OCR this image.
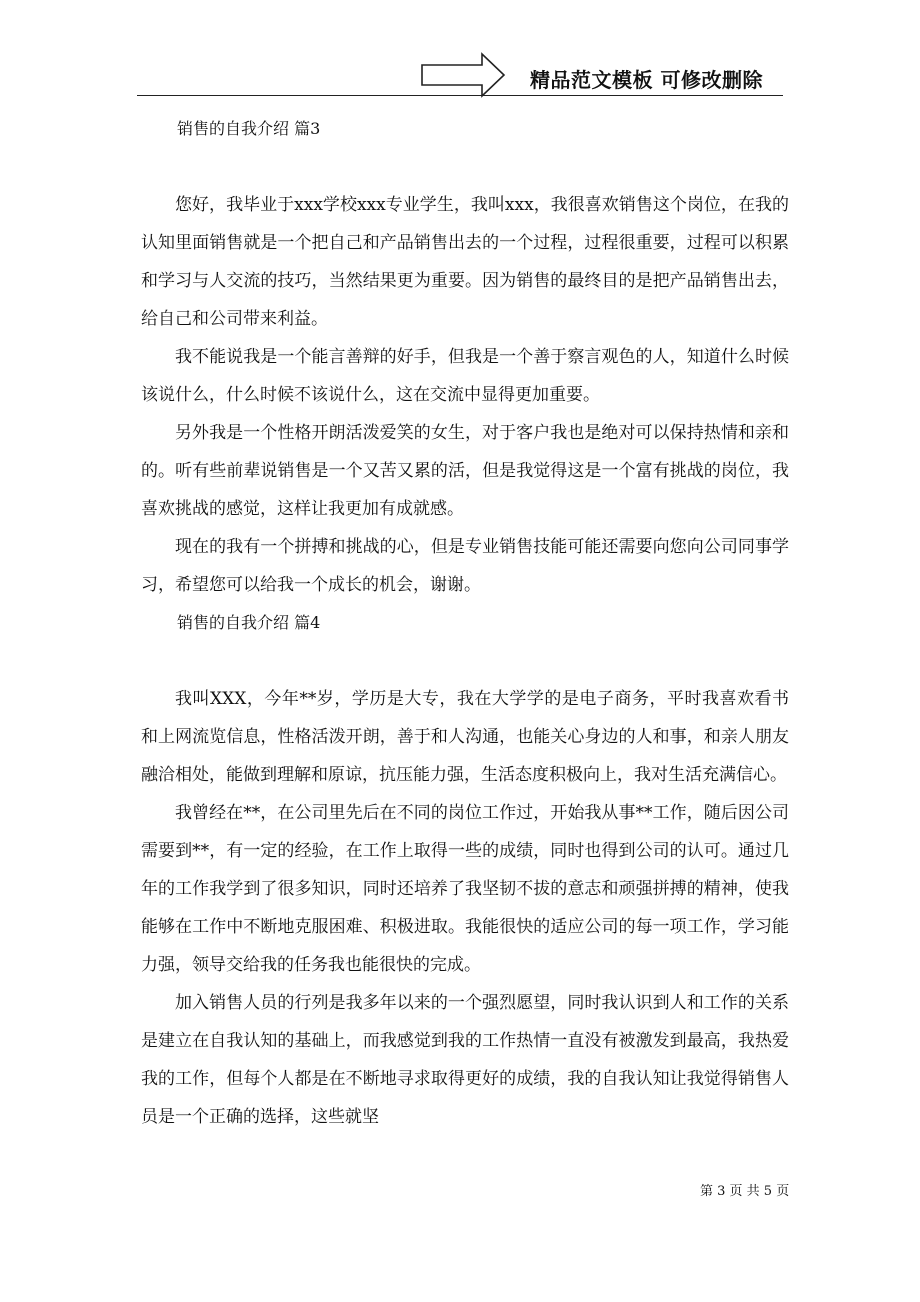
精品范文模板 可修改删除
销售的自我介绍 篇3

您好，我毕业于xxx学校xxx专业学生，我叫xxx，我很喜欢销售这个岗位，在我的认知里面销售就是一个把自己和产品销售出去的一个过程，过程很重要，过程可以积累和学习与人交流的技巧，当然结果更为重要。因为销售的最终目的是把产品销售出去，给自己和公司带来利益。

我不能说我是一个能言善辩的好手，但我是一个善于察言观色的人，知道什么时候该说什么，什么时候不该说什么，这在交流中显得更加重要。

另外我是一个性格开朗活泼爱笑的女生，对于客户我也是绝对可以保持热情和亲和的。听有些前辈说销售是一个又苦又累的活，但是我觉得这是一个富有挑战的岗位，我喜欢挑战的感觉，这样让我更加有成就感。

现在的我有一个拼搏和挑战的心，但是专业销售技能可能还需要向您向公司同事学习，希望您可以给我一个成长的机会，谢谢。

销售的自我介绍 篇4

我叫XXX，今年**岁，学历是大专，我在大学学的是电子商务，平时我喜欢看书和上网流览信息，性格活泼开朗，善于和人沟通，也能关心身边的人和事，和亲人朋友融洽相处，能做到理解和原谅，抗压能力强，生活态度积极向上，我对生活充满信心。

我曾经在**，在公司里先后在不同的岗位工作过，开始我从事**工作，随后因公司需要到**，有一定的经验，在工作上取得一些的成绩，同时也得到公司的认可。通过几年的工作我学到了很多知识，同时还培养了我坚韧不拔的意志和顽强拼搏的精神，使我能够在工作中不断地克服困难、积极进取。我能很快的适应公司的每一项工作，学习能力强，领导交给我的任务我也能很快的完成。

加入销售人员的行列是我多年以来的一个强烈愿望，同时我认识到人和工作的关系是建立在自我认知的基础上，而我感觉到我的工作热情一直没有被激发到最高，我热爱我的工作，但每个人都是在不断地寻求取得更好的成绩，我的自我认知让我觉得销售人员是一个正确的选择，这些就坚

第 3 页 共 5 页
